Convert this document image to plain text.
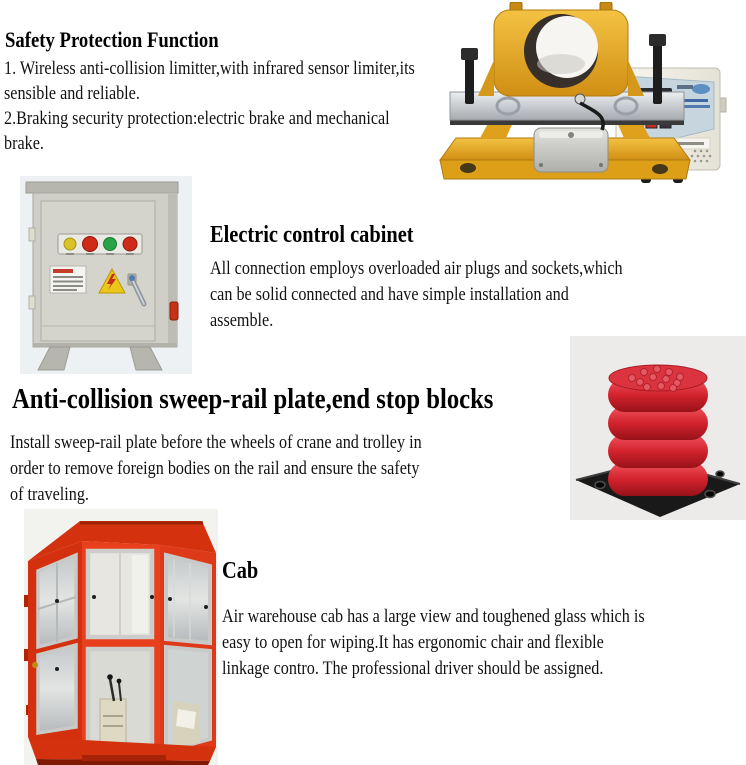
Safety Protection Function
1. Wireless anti-collision limitter,with infrared sensor limiter,its
sensible and reliable.
2.Braking security protection:electric brake and mechanical
brake.
Electric control cabinet
All connection employs overloaded air plugs and sockets,which
can be solid connected and have simple installation and
assemble.
Anti-collision sweep-rail plate,end stop blocks
Install sweep-rail plate before the wheels of crane and trolley in
order to remove foreign bodies on the rail and ensure the safety
of traveling.
Cab
Air warehouse cab has a large view and toughened glass which is
easy to open for wiping.It has ergonomic chair and flexible
linkage contro. The professional driver should be assigned.
